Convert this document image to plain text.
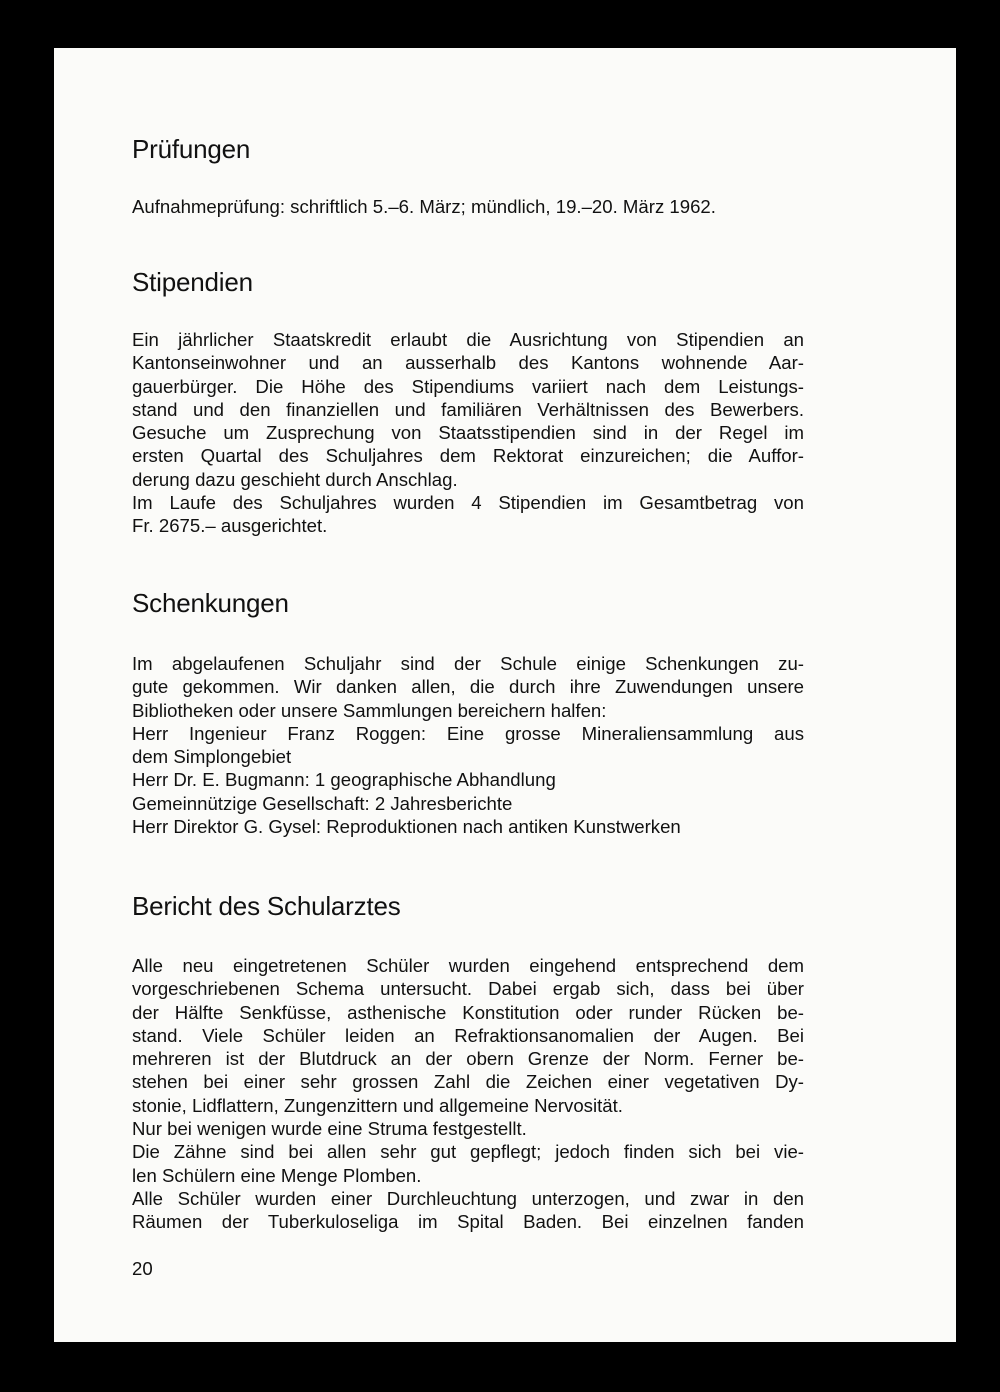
Prüfungen
Aufnahmeprüfung: schriftlich 5.–6. März; mündlich, 19.–20. März 1962.
Stipendien
Ein jährlicher Staatskredit erlaubt die Ausrichtung von Stipendien an
Kantonseinwohner und an ausserhalb des Kantons wohnende Aar-
gauerbürger. Die Höhe des Stipendiums variiert nach dem Leistungs-
stand und den finanziellen und familiären Verhältnissen des Bewerbers.
Gesuche um Zusprechung von Staatsstipendien sind in der Regel im
ersten Quartal des Schuljahres dem Rektorat einzureichen; die Auffor-
derung dazu geschieht durch Anschlag.
Im Laufe des Schuljahres wurden 4 Stipendien im Gesamtbetrag von
Fr. 2675.– ausgerichtet.
Schenkungen
Im abgelaufenen Schuljahr sind der Schule einige Schenkungen zu-
gute gekommen. Wir danken allen, die durch ihre Zuwendungen unsere
Bibliotheken oder unsere Sammlungen bereichern halfen:
Herr Ingenieur Franz Roggen: Eine grosse Mineraliensammlung aus
dem Simplongebiet
Herr Dr. E. Bugmann: 1 geographische Abhandlung
Gemeinnützige Gesellschaft: 2 Jahresberichte
Herr Direktor G. Gysel: Reproduktionen nach antiken Kunstwerken
Bericht des Schularztes
Alle neu eingetretenen Schüler wurden eingehend entsprechend dem
vorgeschriebenen Schema untersucht. Dabei ergab sich, dass bei über
der Hälfte Senkfüsse, asthenische Konstitution oder runder Rücken be-
stand. Viele Schüler leiden an Refraktionsanomalien der Augen. Bei
mehreren ist der Blutdruck an der obern Grenze der Norm. Ferner be-
stehen bei einer sehr grossen Zahl die Zeichen einer vegetativen Dy-
stonie, Lidflattern, Zungenzittern und allgemeine Nervosität.
Nur bei wenigen wurde eine Struma festgestellt.
Die Zähne sind bei allen sehr gut gepflegt; jedoch finden sich bei vie-
len Schülern eine Menge Plomben.
Alle Schüler wurden einer Durchleuchtung unterzogen, und zwar in den
Räumen der Tuberkuloseliga im Spital Baden. Bei einzelnen fanden
20
